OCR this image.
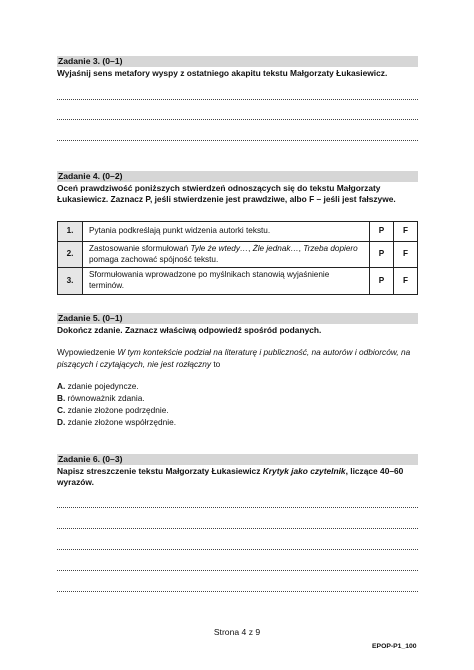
Zadanie 3. (0–1)
Wyjaśnij sens metafory wyspy z ostatniego akapitu tekstu Małgorzaty Łukasiewicz.
Zadanie 4. (0–2)
Oceń prawdziwość poniższych stwierdzeń odnoszących się do tekstu Małgorzaty Łukasiewicz. Zaznacz P, jeśli stwierdzenie jest prawdziwe, albo F – jeśli jest fałszywe.
1.	Pytania podkreślają punkt widzenia autorki tekstu.	P	F
2.	Zastosowanie sformułowań Tyle że wtedy…, Żle jednak…, Trzeba dopiero pomaga zachować spójność tekstu.	P	F
3.	Sformułowania wprowadzone po myślnikach stanowią wyjaśnienie terminów.	P	F
Zadanie 5. (0–1)
Dokończ zdanie. Zaznacz właściwą odpowiedź spośród podanych.
Wypowiedzenie W tym kontekście podział na literaturę i publiczność, na autorów i odbiorców, na piszących i czytających, nie jest rozłączny to
A. zdanie pojedyncze.
B. równoważnik zdania.
C. zdanie złożone podrzędnie.
D. zdanie złożone współrzędnie.
Zadanie 6. (0–3)
Napisz streszczenie tekstu Małgorzaty Łukasiewicz Krytyk jako czytelnik, liczące 40–60 wyrazów.
Strona 4 z 9
EPOP-P1_100
